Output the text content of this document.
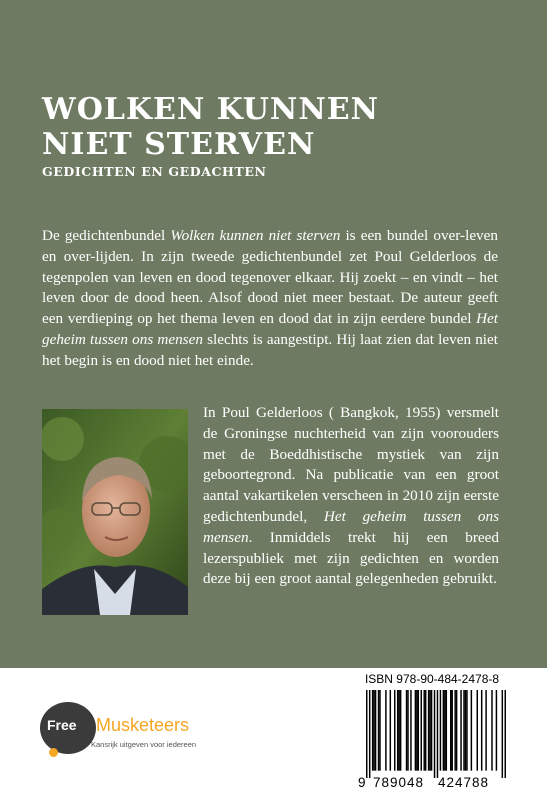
WOLKEN KUNNEN
NIET STERVEN
GEDICHTEN EN GEDACHTEN

De gedichtenbundel Wolken kunnen niet sterven is een bundel over-leven en over-lijden. In zijn tweede gedichtenbundel zet Poul Gelderloos de tegenpolen van leven en dood tegenover elkaar. Hij zoekt – en vindt – het leven door de dood heen. Alsof dood niet meer bestaat. De auteur geeft een verdieping op het thema leven en dood dat in zijn eerdere bundel Het geheim tussen ons mensen slechts is aangestipt. Hij laat zien dat leven niet het begin is en dood niet het einde.

In Poul Gelderloos ( Bangkok, 1955) versmelt de Groningse nuchterheid van zijn voorouders met de Boeddhistische mystiek van zijn geboortegrond. Na publicatie van een groot aantal vakartikelen verscheen in 2010 zijn eerste gedichtenbundel, Het geheim tussen ons mensen. Inmiddels trekt hij een breed lezerspubliek met zijn gedichten en worden deze bij een groot aantal gelegenheden gebruikt.

Free Musketeers
Kansrijk uitgeven voor iedereen
ISBN 978-90-484-2478-8
9 789048 424788
